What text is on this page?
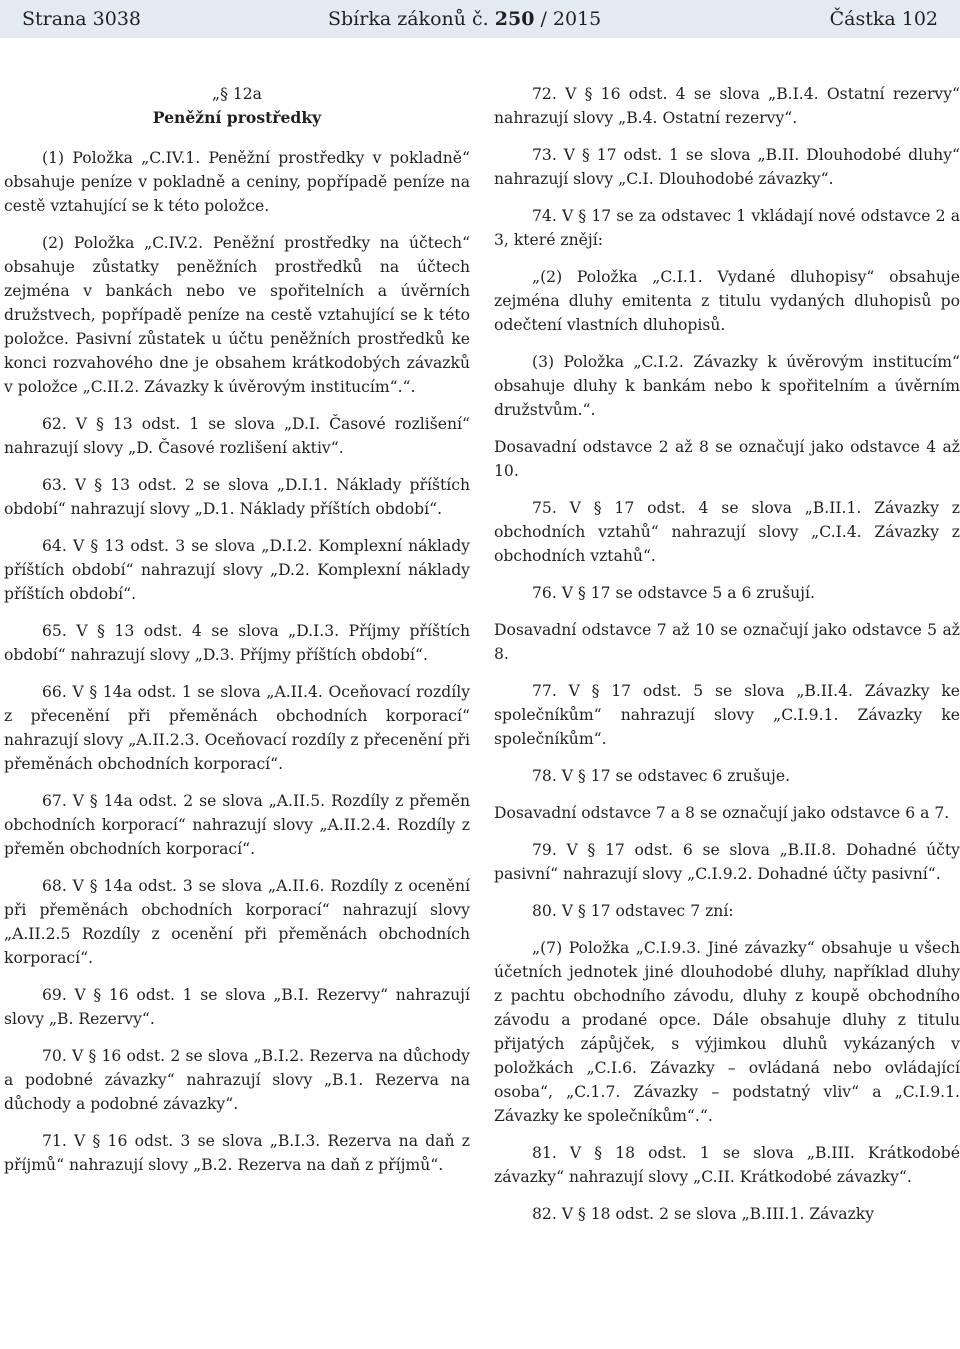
Strana 3038	Sbírka zákonů č. 250 / 2015	Částka 102

„§ 12a

Peněžní prostředky

(1) Položka „C.IV.1. Peněžní prostředky v pokladně“ obsahuje peníze v pokladně a ceniny, popřípadě peníze na cestě vztahující se k této položce.

(2) Položka „C.IV.2. Peněžní prostředky na účtech“ obsahuje zůstatky peněžních prostředků na účtech zejména v bankách nebo ve spořitelních a úvěrních družstvech, popřípadě peníze na cestě vztahující se k této položce. Pasivní zůstatek u účtu peněžních prostředků ke konci rozvahového dne je obsahem krátkodobých závazků v položce „C.II.2. Závazky k úvěrovým institucím“.“.

62. V § 13 odst. 1 se slova „D.I. Časové rozlišení“ nahrazují slovy „D. Časové rozlišení aktiv“.

63. V § 13 odst. 2 se slova „D.I.1. Náklady příštích období“ nahrazují slovy „D.1. Náklady příštích období“.

64. V § 13 odst. 3 se slova „D.I.2. Komplexní náklady příštích období“ nahrazují slovy „D.2. Komplexní náklady příštích období“.

65. V § 13 odst. 4 se slova „D.I.3. Příjmy příštích období“ nahrazují slovy „D.3. Příjmy příštích období“.

66. V § 14a odst. 1 se slova „A.II.4. Oceňovací rozdíly z přecenění při přeměnách obchodních korporací“ nahrazují slovy „A.II.2.3. Oceňovací rozdíly z přecenění při přeměnách obchodních korporací“.

67. V § 14a odst. 2 se slova „A.II.5. Rozdíly z přeměn obchodních korporací“ nahrazují slovy „A.II.2.4. Rozdíly z přeměn obchodních korporací“.

68. V § 14a odst. 3 se slova „A.II.6. Rozdíly z ocenění při přeměnách obchodních korporací“ nahrazují slovy „A.II.2.5 Rozdíly z ocenění při přeměnách obchodních korporací“.

69. V § 16 odst. 1 se slova „B.I. Rezervy“ nahrazují slovy „B. Rezervy“.

70. V § 16 odst. 2 se slova „B.I.2. Rezerva na důchody a podobné závazky“ nahrazují slovy „B.1. Rezerva na důchody a podobné závazky“.

71. V § 16 odst. 3 se slova „B.I.3. Rezerva na daň z příjmů“ nahrazují slovy „B.2. Rezerva na daň z příjmů“.

72. V § 16 odst. 4 se slova „B.I.4. Ostatní rezervy“ nahrazují slovy „B.4. Ostatní rezervy“.

73. V § 17 odst. 1 se slova „B.II. Dlouhodobé dluhy“ nahrazují slovy „C.I. Dlouhodobé závazky“.

74. V § 17 se za odstavec 1 vkládají nové odstavce 2 a 3, které znějí:

„(2) Položka „C.I.1. Vydané dluhopisy“ obsahuje zejména dluhy emitenta z titulu vydaných dluhopisů po odečtení vlastních dluhopisů.

(3) Položka „C.I.2. Závazky k úvěrovým institucím“ obsahuje dluhy k bankám nebo k spořitelním a úvěrním družstvům.“.

Dosavadní odstavce 2 až 8 se označují jako odstavce 4 až 10.

75. V § 17 odst. 4 se slova „B.II.1. Závazky z obchodních vztahů“ nahrazují slovy „C.I.4. Závazky z obchodních vztahů“.

76. V § 17 se odstavce 5 a 6 zrušují.

Dosavadní odstavce 7 až 10 se označují jako odstavce 5 až 8.

77. V § 17 odst. 5 se slova „B.II.4. Závazky ke společníkům“ nahrazují slovy „C.I.9.1. Závazky ke společníkům“.

78. V § 17 se odstavec 6 zrušuje.

Dosavadní odstavce 7 a 8 se označují jako odstavce 6 a 7.

79. V § 17 odst. 6 se slova „B.II.8. Dohadné účty pasivní“ nahrazují slovy „C.I.9.2. Dohadné účty pasivní“.

80. V § 17 odstavec 7 zní:

„(7) Položka „C.I.9.3. Jiné závazky“ obsahuje u všech účetních jednotek jiné dlouhodobé dluhy, například dluhy z pachtu obchodního závodu, dluhy z koupě obchodního závodu a prodané opce. Dále obsahuje dluhy z titulu přijatých zápůjček, s výjimkou dluhů vykázaných v položkách „C.I.6. Závazky – ovládaná nebo ovládající osoba“, „C.1.7. Závazky – podstatný vliv“ a „C.I.9.1. Závazky ke společníkům“.“.

81. V § 18 odst. 1 se slova „B.III. Krátkodobé závazky“ nahrazují slovy „C.II. Krátkodobé závazky“.

82. V § 18 odst. 2 se slova „B.III.1. Závazky
